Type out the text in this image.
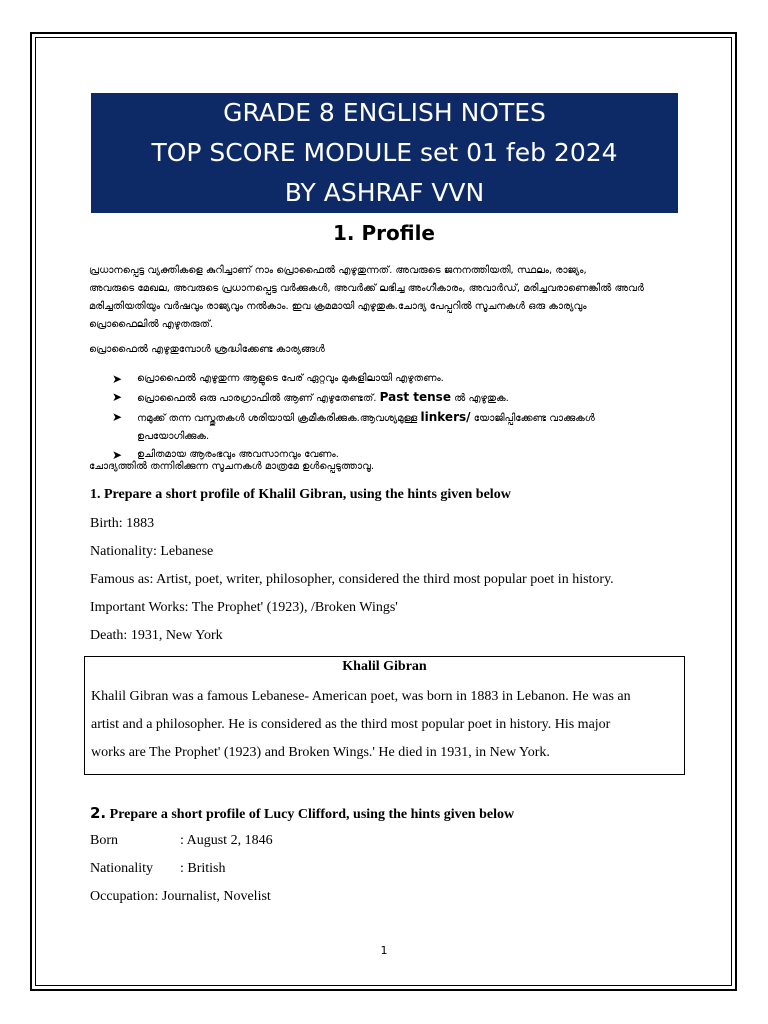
GRADE 8 ENGLISH NOTES
TOP SCORE MODULE set 01 feb 2024
BY ASHRAF VVN
1. Profile
പ്രധാനപ്പെട്ട വ്യക്തികളെ കുറിച്ചാണ് നാം പ്രൊഫൈൽ എഴുതുന്നത്. അവരുടെ ജനനത്തിയതി, സ്ഥലം, രാജ്യം,
അവരുടെ മേഖല, അവരുടെ പ്രധാനപ്പെട്ട വർക്കുകൾ, അവർക്ക് ലഭിച്ച അംഗീകാരം, അവാർഡ്, മരിച്ചവരാണെങ്കിൽ അവർ
മരിച്ചതിയതിയും വർഷവും രാജ്യവും നൽകാം. ഇവ ക്രമമായി എഴുതുക.ചോദ്യ പേപ്പറിൽ സൂചനകൾ ഒരു കാര്യവും
പ്രൊഫൈലിൽ എഴുതരുത്.
പ്രൊഫൈൽ എഴുതുമ്പോൾ ശ്രദ്ധിക്കേണ്ട കാര്യങ്ങൾ
➤ പ്രൊഫൈൽ എഴുതുന്ന ആളുടെ പേര് ഏറ്റവും മുകളിലായി എഴുതണം.
➤ പ്രൊഫൈൽ ഒരു പാരഗ്രാഫിൽ ആണ് എഴുതേണ്ടത്. Past tense ൽ എഴുതുക.
➤ നമുക്ക് തന്ന വസ്തുതകൾ ശരിയായി ക്രമീകരിക്കുക.ആവശ്യമുള്ള linkers/ യോജിപ്പിക്കേണ്ട വാക്കുകൾ
ഉപയോഗിക്കുക.
➤ ഉചിതമായ ആരംഭവും അവസാനവും വേണം.
ചോദ്യത്തിൽ തന്നിരിക്കുന്ന സൂചനകൾ മാത്രമേ ഉൾപ്പെടുത്താവൂ.
1. Prepare a short profile of Khalil Gibran, using the hints given below
Birth: 1883
Nationality: Lebanese
Famous as: Artist, poet, writer, philosopher, considered the third most popular poet in history.
Important Works: The Prophet' (1923), /Broken Wings'
Death: 1931, New York
Khalil Gibran
Khalil Gibran was a famous Lebanese- American poet, was born in 1883 in Lebanon. He was an
artist and a philosopher. He is considered as the third most popular poet in history. His major
works are The Prophet' (1923) and Broken Wings.' He died in 1931, in New York.
2. Prepare a short profile of Lucy Clifford, using the hints given below
Born	: August 2, 1846
Nationality : British
Occupation: Journalist, Novelist
1
